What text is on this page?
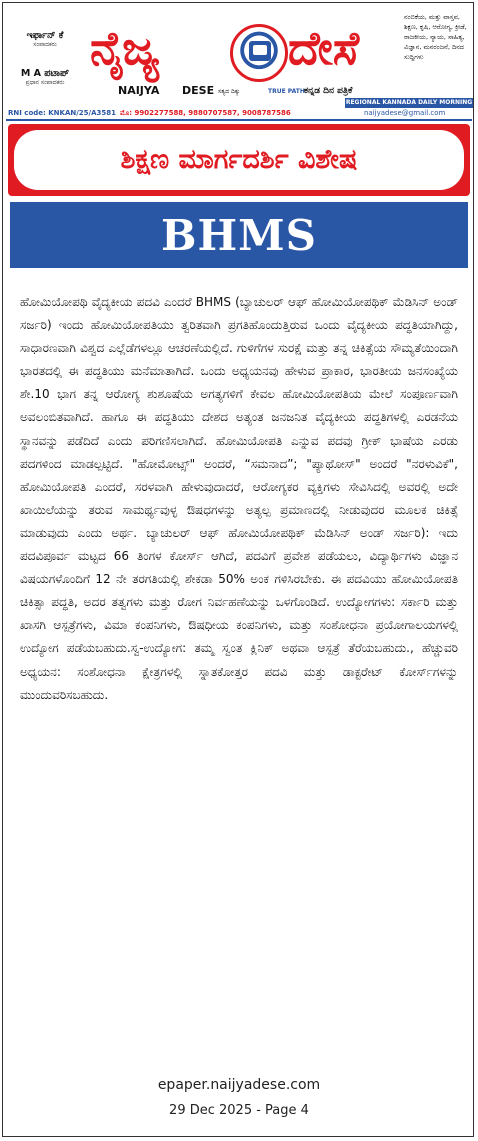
ಇರ್ಫಾನ್ ಕೆ
ಸಂಪಾದಕರು
M A ಪಟಾಪ್
ಪ್ರಧಾನ ಸಂಪಾದಕರು
ನೈಜ್ಯ	ದೇಸೆ
NAIJYA DESE ಸತ್ಯದ ದಿಕ್ಕು	TRUE PATH ಕನ್ನಡ ದಿನ ಪತ್ರಿಕೆ
ನಂಬಿಕೆಯ, ಮತ್ತು ವಾಸ್ತವ, ಶಿಕ್ಷಣ, ಕೃಷಿ, ಆರೋಗ್ಯ, ಕ್ರೀಡೆ, ರಾಜಕೀಯ, ನ್ಯಾಯ, ಸಾಹಿತ್ಯ, ವಿಜ್ಞಾನ, ಮನರಂಜನೆ, ದಿನದ ಸುದ್ದಿಗಳು
RNI code: KNKAN/25/A3581 ಮೊ: 9902277588, 9880707587, 9008787586
REGIONAL KANNADA DAILY MORNING
naijyadese@gmail.com
ಶಿಕ್ಷಣ ಮಾರ್ಗದರ್ಶಿ ವಿಶೇಷ
BHMS

ಹೋಮಿಯೋಪಥಿ ವೈದ್ಯಕೀಯ ಪದವಿ ಎಂದರೆ BHMS (ಬ್ಯಾಚುಲರ್ ಆಫ್ ಹೋಮಿಯೋಪಥಿಕ್ ಮೆಡಿಸಿನ್ ಅಂಡ್ ಸರ್ಜರಿ) ಇಂದು ಹೋಮಿಯೋಪತಿಯು ತ್ವರಿತವಾಗಿ ಪ್ರಗತಿಹೊಂದುತ್ತಿರುವ ಒಂದು ವೈದ್ಯಕೀಯ ಪದ್ಧತಿಯಾಗಿದ್ದು, ಸಾಧಾರಣವಾಗಿ ವಿಶ್ವದ ಎಲ್ಲೆಡೆಗಳಲ್ಲೂ ಆಚರಣೆಯಲ್ಲಿದೆ. ಗುಳಿಗೆಗಳ ಸುರಕ್ಷೆ ಮತ್ತು ತನ್ನ ಚಿಕಿತ್ಸೆಯ ಸೌಮ್ಯತೆಯಿಂದಾಗಿ ಭಾರತದಲ್ಲಿ ಈ ಪದ್ಧತಿಯು ಮನೆಮಾತಾಗಿದೆ. ಒಂದು ಅಧ್ಯಯನವು ಹೇಳುವ ಪ್ರಾಕಾರ, ಭಾರತೀಯ ಜನಸಂಖ್ಯೆಯ ಶೇ.10 ಭಾಗ ತನ್ನ ಆರೋಗ್ಯ ಶುಶೂಷೆಯ ಅಗತ್ಯಗಳಿಗೆ ಕೇವಲ ಹೋಮಿಯೋಪತಿಯ ಮೇಲೆ ಸಂಪೂರ್ಣವಾಗಿ ಅವಲಂಬಿತವಾಗಿದೆ. ಹಾಗೂ ಈ ಪದ್ಧತಿಯು ದೇಶದ ಅತ್ಯಂತ ಜನಜನಿತ ವೈದ್ಯಕೀಯ ಪದ್ಧತಿಗಳಲ್ಲಿ ಎರಡನೆಯ ಸ್ಥಾನವನ್ನು ಪಡೆದಿದೆ ಎಂದು ಪರಿಗಣಿಸಲಾಗಿದೆ. ಹೋಮಿಯೋಪತಿ ಎನ್ನುವ ಪದವು ಗ್ರೀಕ್ ಭಾಷೆಯ ಎರಡು ಪದಗಳಿಂದ ಮಾಡಲ್ಪಟ್ಟಿದೆ. "ಹೋಮೋಟ್ಸ್" ಅಂದರೆ, “ಸಮನಾದ”; "ಪ್ಯಾಥೋಸ್" ಅಂದರೆ "ನರಳುವಿಕೆ", ಹೋಮಿಯೋಪತಿ ಎಂದರೆ, ಸರಳವಾಗಿ ಹೇಳುವುದಾದರೆ, ಆರೋಗ್ಯಕರ ವ್ಯಕ್ತಿಗಳು ಸೇವಿಸಿದಲ್ಲಿ ಅವರಲ್ಲಿ ಅದೇ ಖಾಯಿಲೆಯನ್ನು ತರುವ ಸಾಮರ್ಥ್ಯವುಳ್ಳ ಔಷಧಗಳನ್ನು ಅತ್ಯಲ್ಪ ಪ್ರಮಾಣದಲ್ಲಿ ನೀಡುವುದರ ಮೂಲಕ ಚಿಕಿತ್ಸೆ ಮಾಡುವುದು ಎಂದು ಅರ್ಥ. ಬ್ಯಾಚುಲರ್ ಆಫ್ ಹೋಮಿಯೋಪಥಿಕ್ ಮೆಡಿಸಿನ್ ಅಂಡ್ ಸರ್ಜರಿ): ಇದು ಪದವಿಪೂರ್ವ ಮಟ್ಟದ 66 ತಿಂಗಳ ಕೋರ್ಸ್ ಆಗಿದೆ, ಪದವಿಗೆ ಪ್ರವೇಶ ಪಡೆಯಲು, ವಿದ್ಯಾರ್ಥಿಗಳು ವಿಜ್ಞಾನ ವಿಷಯಗಳೊಂದಿಗೆ 12 ನೇ ತರಗತಿಯಲ್ಲಿ ಶೇಕಡಾ 50% ಅಂಕ ಗಳಿಸಿರಬೇಕು. ಈ ಪದವಿಯು ಹೋಮಿಯೋಪತಿ ಚಿಕಿತ್ಸಾ ಪದ್ಧತಿ, ಅದರ ತತ್ವಗಳು ಮತ್ತು ರೋಗ ನಿರ್ವಹಣೆಯನ್ನು ಒಳಗೊಂಡಿದೆ. ಉದ್ಯೋಗಗಳು: ಸರ್ಕಾರಿ ಮತ್ತು ಖಾಸಗಿ ಆಸ್ಪತ್ರೆಗಳು, ವಿಮಾ ಕಂಪನಿಗಳು, ಔಷಧೀಯ ಕಂಪನಿಗಳು, ಮತ್ತು ಸಂಶೋಧನಾ ಪ್ರಯೋಗಾಲಯಗಳಲ್ಲಿ ಉದ್ಯೋಗ ಪಡೆಯಬಹುದು.ಸ್ವ-ಉದ್ಯೋಗ: ತಮ್ಮ ಸ್ವಂತ ಕ್ಲಿನಿಕ್ ಅಥವಾ ಆಸ್ಪತ್ರೆ ತೆರೆಯಬಹುದು., ಹೆಚ್ಚುವರಿ ಅಧ್ಯಯನ: ಸಂಶೋಧನಾ ಕ್ಷೇತ್ರಗಳಲ್ಲಿ ಸ್ನಾತಕೋತ್ತರ ಪದವಿ ಮತ್ತು ಡಾಕ್ಟರೇಟ್ ಕೋರ್ಸ್‌ಗಳನ್ನು ಮುಂದುವರಿಸಬಹುದು.

epaper.naijyadese.com
29 Dec 2025 - Page 4
